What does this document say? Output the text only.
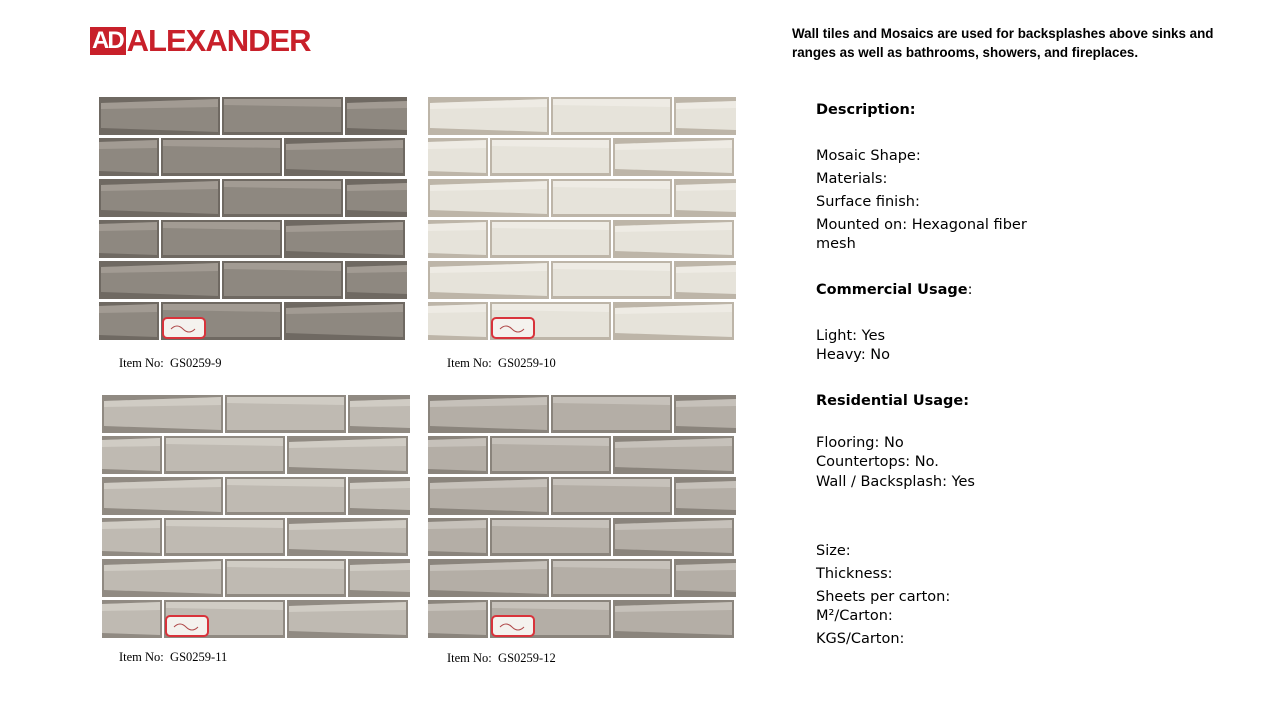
AD ALEXANDER	Wall tiles and Mosaics are used for backsplashes above sinks and ranges as well as bathrooms, showers, and fireplaces.
Item No: GS0259-9	Item No: GS0259-10
Item No: GS0259-11	Item No: GS0259-12
Description:
Mosaic Shape:
Materials:
Surface finish:
Mounted on: Hexagonal fiber mesh
Commercial Usage:
Light: Yes
Heavy: No
Residential Usage:
Flooring: No
Countertops: No.
Wall / Backsplash: Yes
Size:
Thickness:
Sheets per carton:
M²/Carton:
KGS/Carton:
